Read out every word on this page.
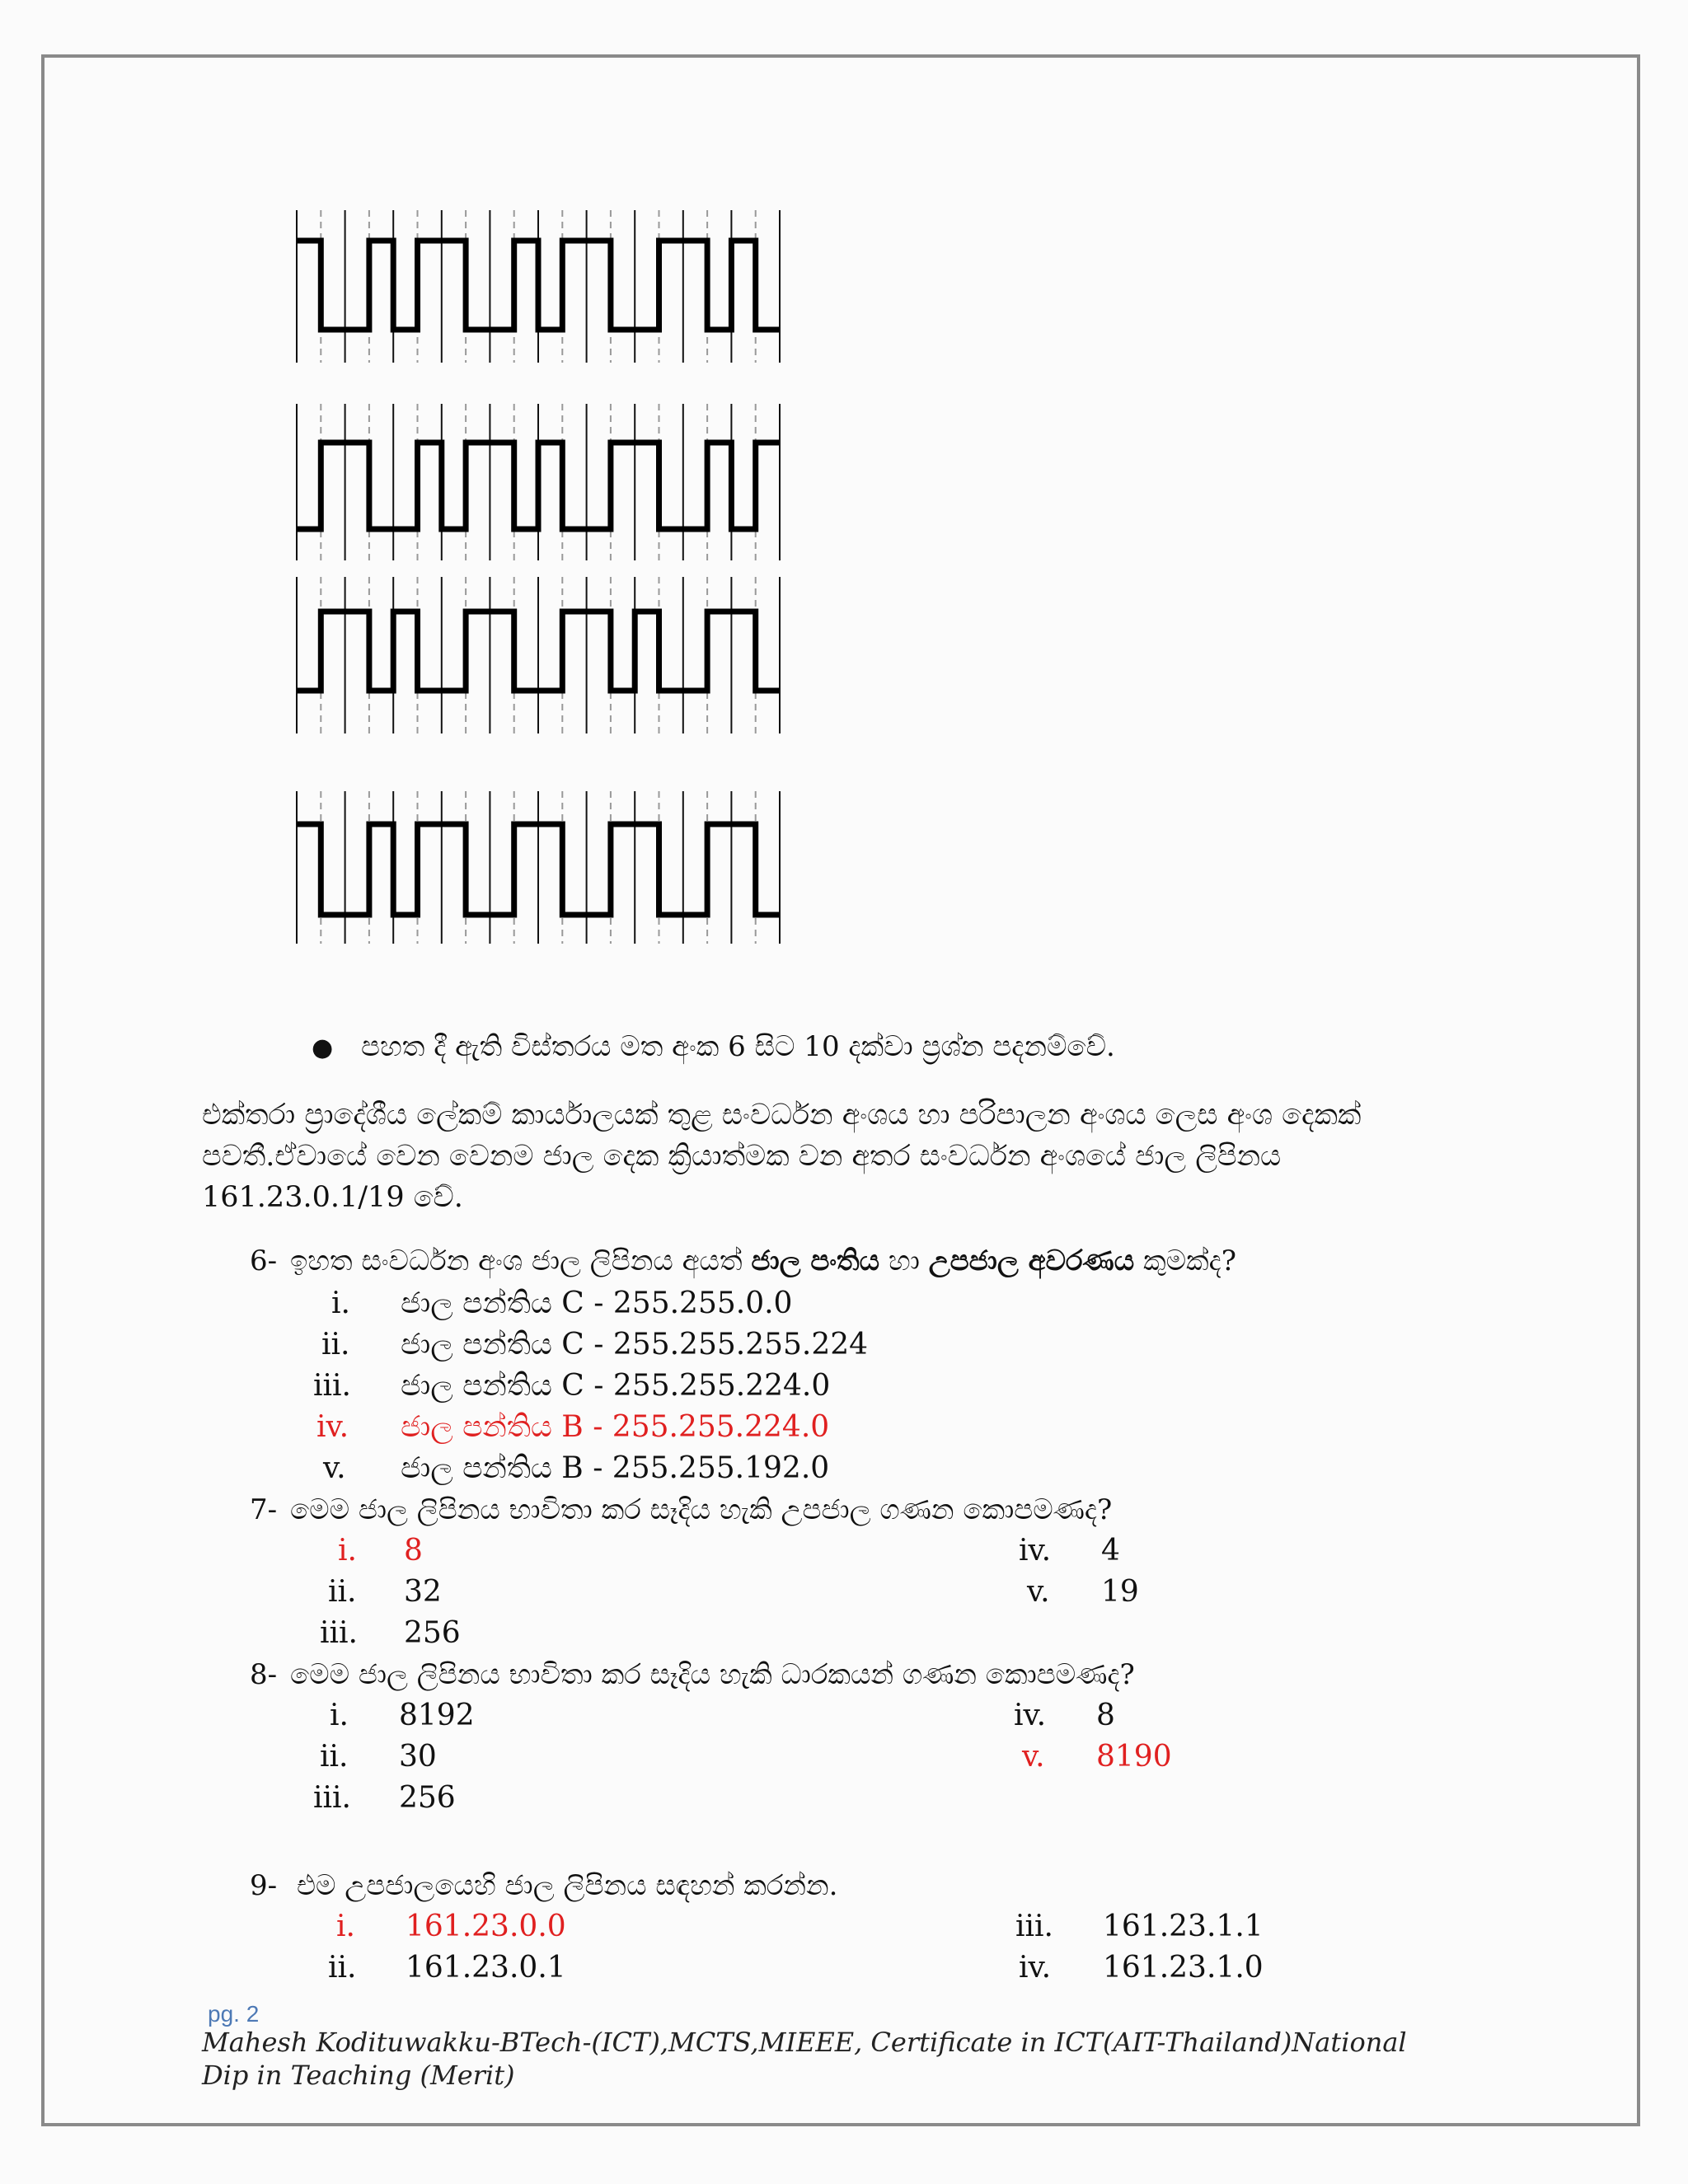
● පහත දී ඇති විස්තරය මත අංක 6 සිට 10 දක්වා ප්‍රශ්න පදනම්වේ.
එක්තරා ප්‍රාදේශීය ලේකම් කාර්යාලයක් තුළ සංවර්ධන අංශය හා පරිපාලන අංශය ලෙස අංශ දෙකක්
පවතී.ඒවායේ වෙන වෙනම ජාල දෙක ක්‍රියාත්මක වන අතර සංවර්ධන අංශයේ ජාල ලිපිනය
161.23.0.1/19 වේ.
6- ඉහත සංවර්ධන අංශ ජාල ලිපිනය අයත් ජාල පංතිය හා උපජාල අවරණය කුමක්ද?
i. ජාල පන්තිය C - 255.255.0.0
ii. ජාල පන්තිය C - 255.255.255.224
iii. ජාල පන්තිය C - 255.255.224.0
iv. ජාල පන්තිය B - 255.255.224.0
v. ජාල පන්තිය B - 255.255.192.0
7- මෙම ජාල ලිපිනය භාවිතා කර සෑදිය හැකි උපජාල ගණන කොපමණද?
i. 8
ii. 32
iii. 256
iv. 4
v. 19
8- මෙම ජාල ලිපිනය භාවිතා කර සෑදිය හැකි ධාරකයන් ගණන කොපමණද?
i. 8192
ii. 30
iii. 256
iv. 8
v. 8190
9- එම උපජාලයෙහි ජාල ලිපිනය සඳහන් කරන්න.
i. 161.23.0.0
ii. 161.23.0.1
iii. 161.23.1.1
iv. 161.23.1.0
pg. 2
Mahesh Kodituwakku-BTech-(ICT),MCTS,MIEEE, Certificate in ICT(AIT-Thailand)National Dip in Teaching (Merit)
